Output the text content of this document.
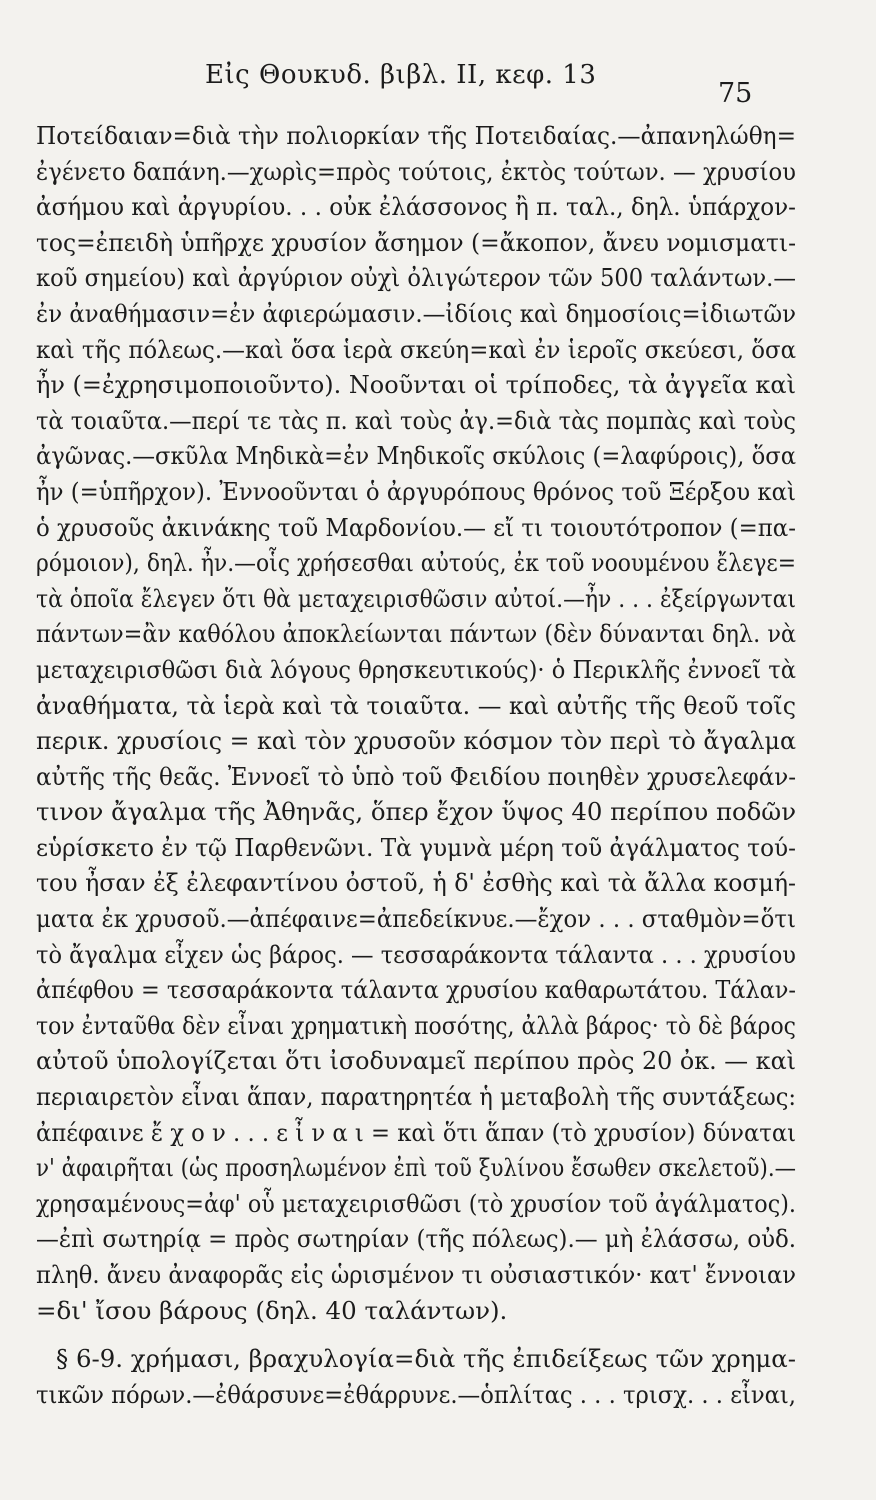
Εἰς Θουκυδ. βιβλ. II, κεφ. 13
75
Ποτείδαιαν=διὰ τὴν πολιορκίαν τῆς Ποτειδαίας.—ἀπανηλώθη=
ἐγένετο δαπάνη.—χωρὶς=πρὸς τούτοις, ἐκτὸς τούτων. — χρυσίου
ἀσήμου καὶ ἀργυρίου. . . οὐκ ἐλάσσονος ἢ π. ταλ., δηλ. ὑπάρχον-
τος=ἐπειδὴ ὑπῆρχε χρυσίον ἄσημον (=ἄκοπον, ἄνευ νομισματι-
κοῦ σημείου) καὶ ἀργύριον οὐχὶ ὀλιγώτερον τῶν 500 ταλάντων.—
ἐν ἀναθήμασιν=ἐν ἀφιερώμασιν.—ἰδίοις καὶ δημοσίοις=ἰδιωτῶν
καὶ τῆς πόλεως.—καὶ ὅσα ἱερὰ σκεύη=καὶ ἐν ἱεροῖς σκεύεσι, ὅσα
ἦν (=ἐχρησιμοποιοῦντο). Νοοῦνται οἱ τρίποδες, τὰ ἀγγεῖα καὶ
τὰ τοιαῦτα.—περί τε τὰς π. καὶ τοὺς ἀγ.=διὰ τὰς πομπὰς καὶ τοὺς
ἀγῶνας.—σκῦλα Μηδικὰ=ἐν Μηδικοῖς σκύλοις (=λαφύροις), ὅσα
ἦν (=ὑπῆρχον). Ἐννοοῦνται ὁ ἀργυρόπους θρόνος τοῦ Ξέρξου καὶ
ὁ χρυσοῦς ἀκινάκης τοῦ Μαρδονίου.— εἴ τι τοιουτότροπον (=πα-
ρόμοιον), δηλ. ἦν.—οἷς χρήσεσθαι αὐτούς, ἐκ τοῦ νοουμένου ἔλεγε=
τὰ ὁποῖα ἔλεγεν ὅτι θὰ μεταχειρισθῶσιν αὐτοί.—ἦν . . . ἐξείργωνται
πάντων=ἂν καθόλου ἀποκλείωνται πάντων (δὲν δύνανται δηλ. νὰ
μεταχειρισθῶσι διὰ λόγους θρησκευτικούς)· ὁ Περικλῆς ἐννοεῖ τὰ
ἀναθήματα, τὰ ἱερὰ καὶ τὰ τοιαῦτα. — καὶ αὐτῆς τῆς θεοῦ τοῖς
περικ. χρυσίοις = καὶ τὸν χρυσοῦν κόσμον τὸν περὶ τὸ ἄγαλμα
αὐτῆς τῆς θεᾶς. Ἐννοεῖ τὸ ὑπὸ τοῦ Φειδίου ποιηθὲν χρυσελεφάν-
τινον ἄγαλμα τῆς Ἀθηνᾶς, ὅπερ ἔχον ὕψος 40 περίπου ποδῶν
εὑρίσκετο ἐν τῷ Παρθενῶνι. Τὰ γυμνὰ μέρη τοῦ ἀγάλματος τού-
του ἦσαν ἐξ ἐλεφαντίνου ὀστοῦ, ἡ δ' ἐσθὴς καὶ τὰ ἄλλα κοσμή-
ματα ἐκ χρυσοῦ.—ἀπέφαινε=ἀπεδείκνυε.—ἔχον . . . σταθμὸν=ὅτι
τὸ ἄγαλμα εἶχεν ὡς βάρος. — τεσσαράκοντα τάλαντα . . . χρυσίου
ἀπέφθου = τεσσαράκοντα τάλαντα χρυσίου καθαρωτάτου. Τάλαν-
τον ἐνταῦθα δὲν εἶναι χρηματικὴ ποσότης, ἀλλὰ βάρος· τὸ δὲ βάρος
αὐτοῦ ὑπολογίζεται ὅτι ἰσοδυναμεῖ περίπου πρὸς 20 ὀκ. — καὶ
περιαιρετὸν εἶναι ἅπαν, παρατηρητέα ἡ μεταβολὴ τῆς συντάξεως:
ἀπέφαινε ἔ χ ο ν . . . ε ἶ ν α ι = καὶ ὅτι ἅπαν (τὸ χρυσίον) δύναται
ν' ἀφαιρῆται (ὡς προσηλωμένον ἐπὶ τοῦ ξυλίνου ἔσωθεν σκελετοῦ).—
χρησαμένους=ἀφ' οὗ μεταχειρισθῶσι (τὸ χρυσίον τοῦ ἀγάλματος).
—ἐπὶ σωτηρίᾳ = πρὸς σωτηρίαν (τῆς πόλεως).— μὴ ἐλάσσω, οὐδ.
πληθ. ἄνευ ἀναφορᾶς εἰς ὡρισμένον τι οὐσιαστικόν· κατ' ἔννοιαν
=δι' ἴσου βάρους (δηλ. 40 ταλάντων).
§ 6-9. χρήμασι, βραχυλογία=διὰ τῆς ἐπιδείξεως τῶν χρημα-
τικῶν πόρων.—ἐθάρσυνε=ἐθάρρυνε.—ὁπλίτας . . . τρισχ. . . εἶναι,
